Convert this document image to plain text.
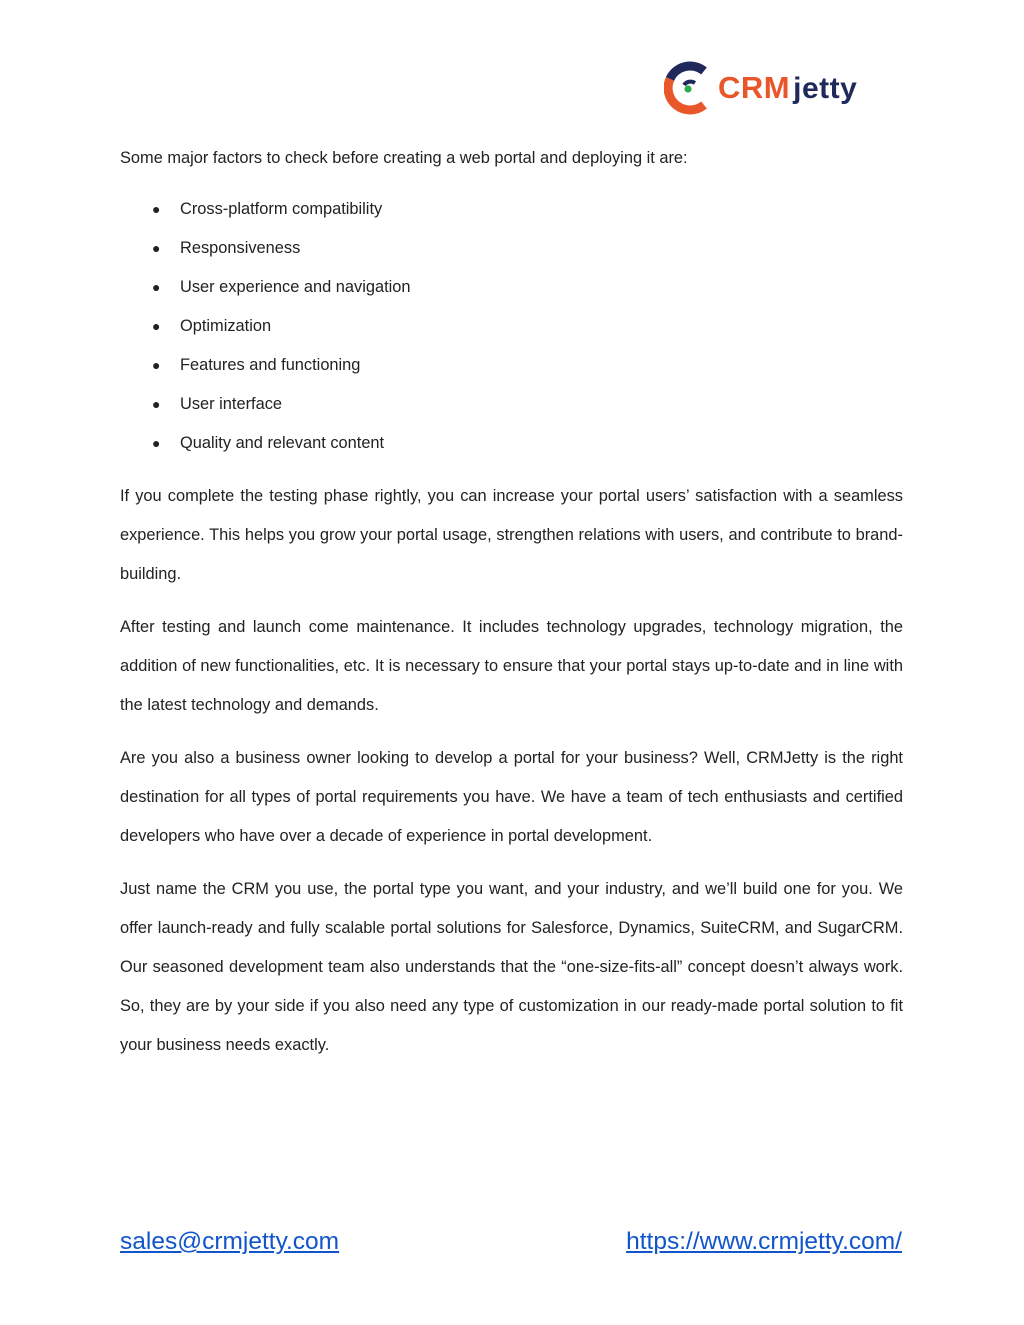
CRM jetty

Some major factors to check before creating a web portal and deploying it are:

● Cross-platform compatibility
● Responsiveness
● User experience and navigation
● Optimization
● Features and functioning
● User interface
● Quality and relevant content

If you complete the testing phase rightly, you can increase your portal users’ satisfaction with a seamless experience. This helps you grow your portal usage, strengthen relations with users, and contribute to brand-building.

After testing and launch come maintenance. It includes technology upgrades, technology migration, the addition of new functionalities, etc. It is necessary to ensure that your portal stays up-to-date and in line with the latest technology and demands.

Are you also a business owner looking to develop a portal for your business? Well, CRMJetty is the right destination for all types of portal requirements you have. We have a team of tech enthusiasts and certified developers who have over a decade of experience in portal development.

Just name the CRM you use, the portal type you want, and your industry, and we’ll build one for you. We offer launch-ready and fully scalable portal solutions for Salesforce, Dynamics, SuiteCRM, and SugarCRM. Our seasoned development team also understands that the “one-size-fits-all” concept doesn’t always work. So, they are by your side if you also need any type of customization in our ready-made portal solution to fit your business needs exactly.

sales@crmjetty.com	https://www.crmjetty.com/
